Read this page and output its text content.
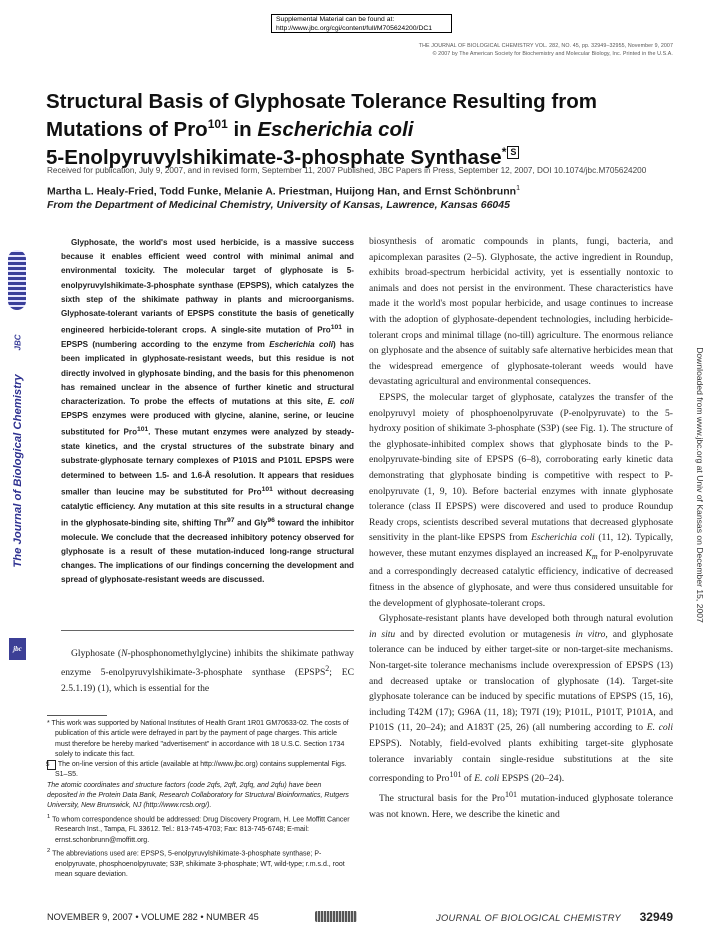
Supplemental Material can be found at:
http://www.jbc.org/cgi/content/full/M705624200/DC1
THE JOURNAL OF BIOLOGICAL CHEMISTRY VOL. 282, NO. 45, pp. 32949–32955, November 9, 2007
© 2007 by The American Society for Biochemistry and Molecular Biology, Inc. Printed in the U.S.A.
Structural Basis of Glyphosate Tolerance Resulting from Mutations of Pro$^{101}$ in Escherichia coli
5-Enolpyruvylshikimate-3-phosphate Synthase* S
Received for publication, July 9, 2007, and in revised form, September 11, 2007 Published, JBC Papers in Press, September 12, 2007, DOI 10.1074/jbc.M705624200
Martha L. Healy-Fried, Todd Funke, Melanie A. Priestman, Huijong Han, and Ernst Schönbrunn$^1$
From the Department of Medicinal Chemistry, University of Kansas, Lawrence, Kansas 66045
JBC
The Journal of Biological Chemistry
jbc
Downloaded from www.jbc.org at Univ of Kansas on December 15, 2007

Glyphosate, the world's most used herbicide, is a massive success because it enables efficient weed control with minimal animal and environmental toxicity. The molecular target of glyphosate is 5-enolpyruvylshikimate-3-phosphate synthase (EPSPS), which catalyzes the sixth step of the shikimate pathway in plants and microorganisms. Glyphosate-tolerant variants of EPSPS constitute the basis of genetically engineered herbicide-tolerant crops. A single-site mutation of Pro$^{101}$ in EPSPS (numbering according to the enzyme from Escherichia coli) has been implicated in glyphosate-resistant weeds, but this residue is not directly involved in glyphosate binding, and the basis for this phenomenon has remained unclear in the absence of further kinetic and structural characterization. To probe the effects of mutations at this site, E. coli EPSPS enzymes were produced with glycine, alanine, serine, or leucine substituted for Pro$^{101}$. These mutant enzymes were analyzed by steady-state kinetics, and the crystal structures of the substrate binary and substrate·glyphosate ternary complexes of P101S and P101L EPSPS were determined to between 1.5- and 1.6-Å resolution. It appears that residues smaller than leucine may be substituted for Pro$^{101}$ without decreasing catalytic efficiency. Any mutation at this site results in a structural change in the glyphosate-binding site, shifting Thr$^{97}$ and Gly$^{96}$ toward the inhibitor molecule. We conclude that the decreased inhibitory potency observed for glyphosate is a result of these mutation-induced long-range structural changes. The implications of our findings concerning the development and spread of glyphosate-resistant weeds are discussed.

Glyphosate (N-phosphonomethylglycine) inhibits the shikimate pathway enzyme 5-enolpyruvylshikimate-3-phosphate synthase (EPSPS$^2$; EC 2.5.1.19) (1), which is essential for the

* This work was supported by National Institutes of Health Grant 1R01 GM70633-02. The costs of publication of this article were defrayed in part by the payment of page charges. This article must therefore be hereby marked "advertisement" in accordance with 18 U.S.C. Section 1734 solely to indicate this fact.

S The on-line version of this article (available at http://www.jbc.org) contains supplemental Figs. S1–S5.

The atomic coordinates and structure factors (code 2qfs, 2qft, 2qfq, and 2qfu) have been deposited in the Protein Data Bank, Research Collaboratory for Structural Bioinformatics, Rutgers University, New Brunswick, NJ (http://www.rcsb.org/).

$^1$ To whom correspondence should be addressed: Drug Discovery Program, H. Lee Moffitt Cancer Research Inst., Tampa, FL 33612. Tel.: 813-745-4703; Fax: 813-745-6748; E-mail: ernst.schonbrunn@moffitt.org.

$^2$ The abbreviations used are: EPSPS, 5-enolpyruvylshikimate-3-phosphate synthase; P-enolpyruvate, phosphoenolpyruvate; S3P, shikimate 3-phosphate; WT, wild-type; r.m.s.d., root mean square deviation.

biosynthesis of aromatic compounds in plants, fungi, bacteria, and apicomplexan parasites (2–5). Glyphosate, the active ingredient in Roundup, exhibits broad-spectrum herbicidal activity, yet is essentially nontoxic to animals and does not persist in the environment. These characteristics have made it the world's most popular herbicide, and usage continues to increase with the adoption of glyphosate-dependent technologies, including herbicide-tolerant crops and minimal tillage (no-till) agriculture. The enormous reliance on glyphosate and the absence of suitably safe alternative herbicides mean that the widespread emergence of glyphosate-tolerant weeds would have devastating agricultural and environmental consequences.

EPSPS, the molecular target of glyphosate, catalyzes the transfer of the enolpyruvyl moiety of phosphoenolpyruvate (P-enolpyruvate) to the 5-hydroxy position of shikimate 3-phosphate (S3P) (see Fig. 1). The structure of the glyphosate-inhibited complex shows that glyphosate binds to the P-enolpyruvate-binding site of EPSPS (6–8), corroborating early kinetic data demonstrating that glyphosate binding is competitive with respect to P-enolpyruvate (1, 9, 10). Before bacterial enzymes with innate glyphosate tolerance (class II EPSPS) were discovered and used to produce Roundup Ready crops, scientists described several mutations that decreased glyphosate sensitivity in the plant-like EPSPS from Escherichia coli (11, 12). Typically, however, these mutant enzymes displayed an increased $K_m$ for P-enolpyruvate and a correspondingly decreased catalytic efficiency, indicative of decreased fitness in the absence of glyphosate, and were thus considered unsuitable for the development of glyphosate-tolerant crops.

Glyphosate-resistant plants have developed both through natural evolution in situ and by directed evolution or mutagenesis in vitro, and glyphosate tolerance can be induced by either target-site or non-target-site mechanisms. Non-target-site tolerance mechanisms include overexpression of EPSPS (13) and decreased uptake or translocation of glyphosate (14). Target-site glyphosate tolerance can be induced by specific mutations of EPSPS (15, 16), including T42M (17); G96A (11, 18); T97I (19); P101L, P101T, P101A, and P101S (11, 20–24); and A183T (25, 26) (all numbering according to E. coli EPSPS). Notably, field-evolved plants exhibiting target-site glyphosate tolerance invariably contain single-residue substitutions at the site corresponding to Pro$^{101}$ of E. coli EPSPS (20–24).

The structural basis for the Pro$^{101}$ mutation-induced glyphosate tolerance was not known. Here, we describe the kinetic and

NOVEMBER 9, 2007 • VOLUME 282 • NUMBER 45	JOURNAL OF BIOLOGICAL CHEMISTRY 32949
